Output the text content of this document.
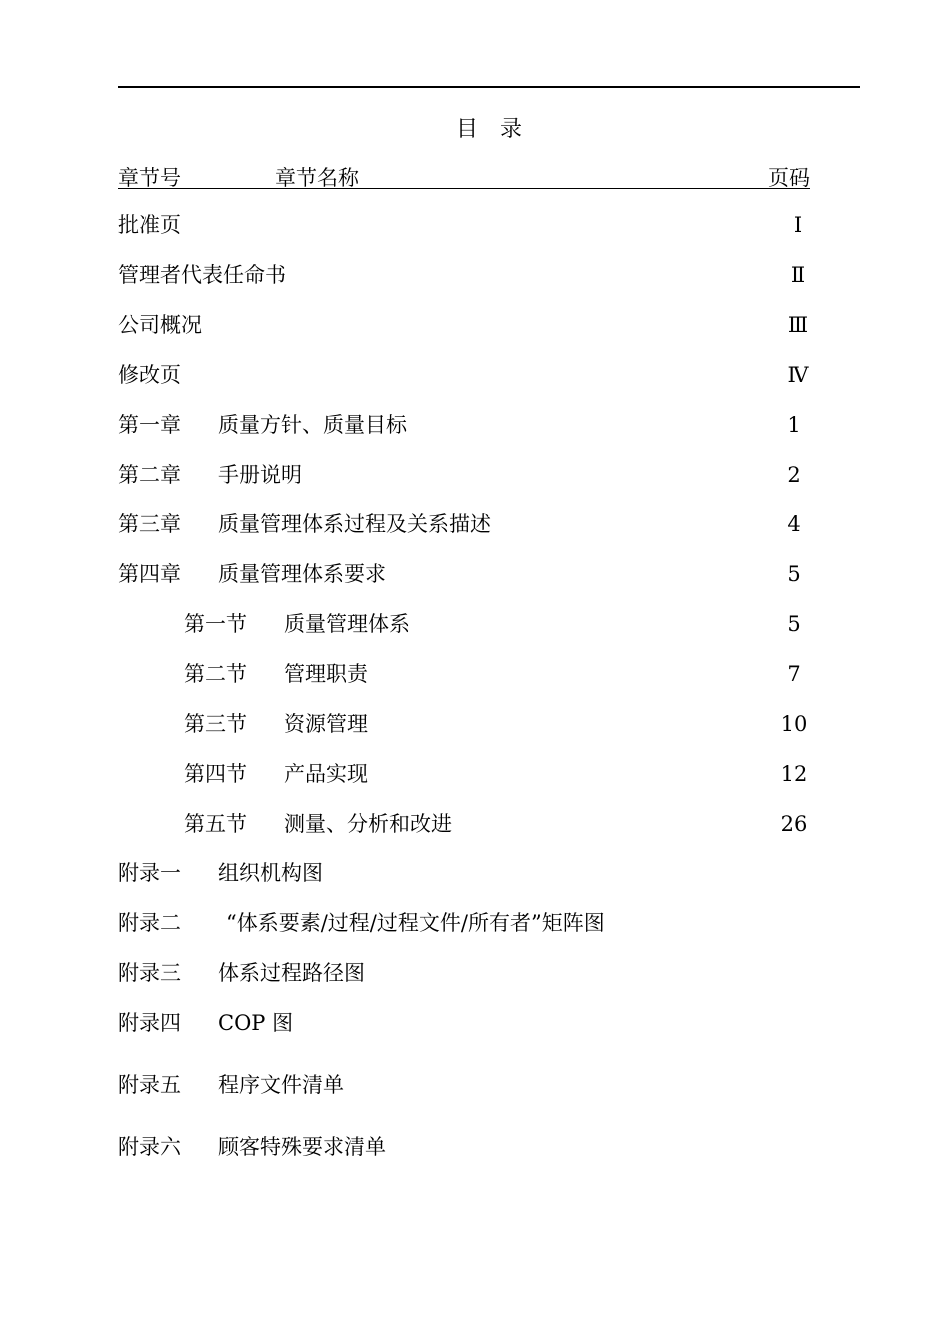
目　录
章节号	章节名称	页码
批准页	Ⅰ
管理者代表任命书	Ⅱ
公司概况	Ⅲ
修改页	Ⅳ
第一章 质量方针、质量目标	1
第二章 手册说明	2
第三章 质量管理体系过程及关系描述	4
第四章 质量管理体系要求	5
第一节 质量管理体系	5
第二节 管理职责	7
第三节 资源管理	10
第四节 产品实现	12
第五节 测量、分析和改进	26
附录一 组织机构图
附录二 “体系要素/过程/过程文件/所有者”矩阵图
附录三 体系过程路径图
附录四 COP 图
附录五 程序文件清单
附录六 顾客特殊要求清单
